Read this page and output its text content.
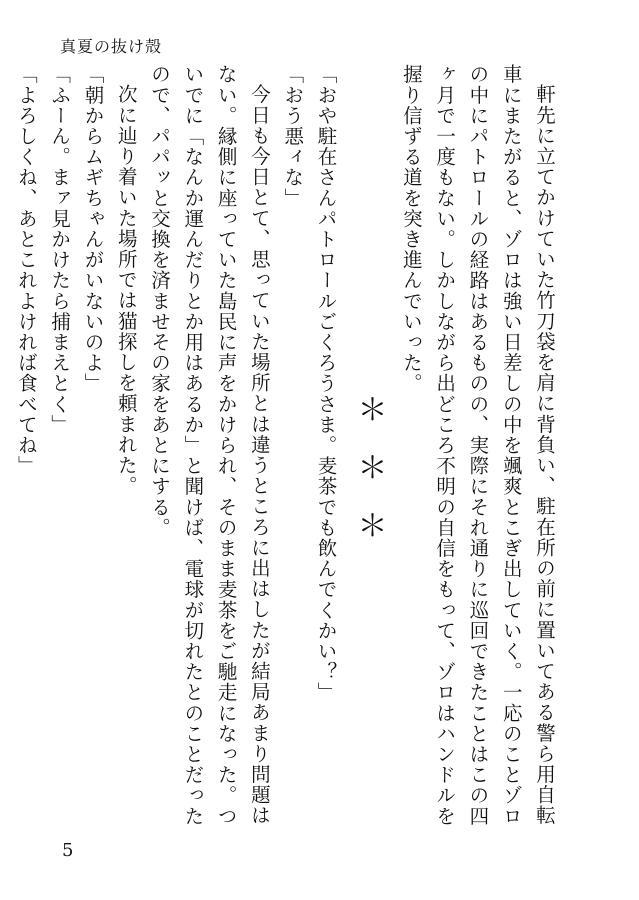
真夏の抜け殻

軒先に立てかけていた竹刀袋を肩に背負い、駐在所の前に置いてある警ら用自転車にまたがると、ゾロは強い日差しの中を颯爽とこぎ出していく。一応のことゾロの中にパトロールの経路はあるものの、実際にそれ通りに巡回できたことはこの四ヶ月で一度もない。しかしながら出どころ不明の自信をもって、ゾロはハンドルを握り信ずる道を突き進んでいった。

＊＊＊

「おや駐在さんパトロールごくろうさま。麦茶でも飲んでくかい？」

「おう悪ィな」

今日も今日とて、思っていた場所とは違うところに出はしたが結局あまり問題はない。縁側に座っていた島民に声をかけられ、そのまま麦茶をご馳走になった。ついでに「なんか運んだりとか用はあるか」と聞けば、電球が切れたとのことだったので、パパッと交換を済ませその家をあとにする。

次に辿り着いた場所では猫探しを頼まれた。

「朝からムギちゃんがいないのよ」

「ふーん。まァ見かけたら捕まえとく」

「よろしくね、あとこれよければ食べてね」

5
